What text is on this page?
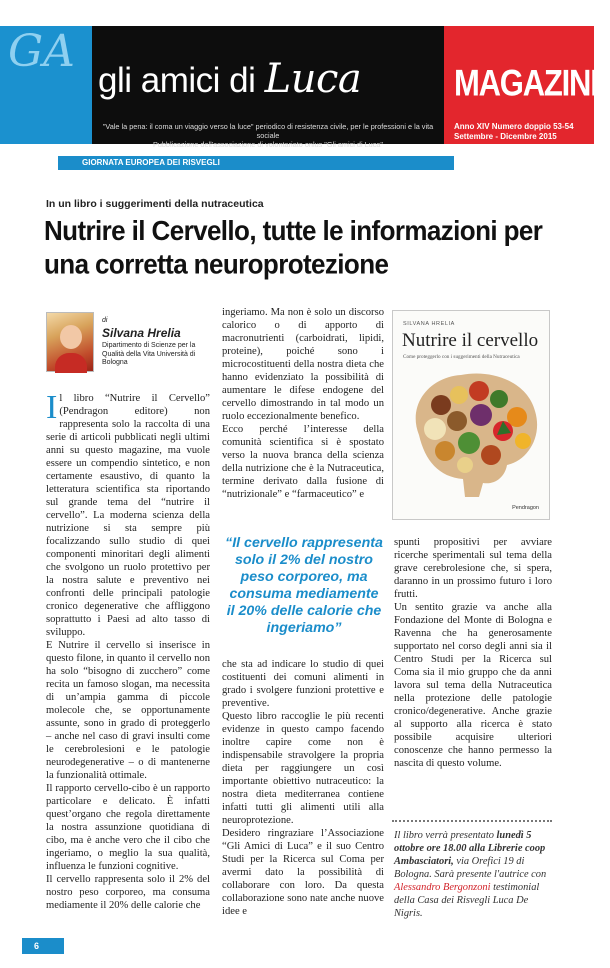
GA
gli amici di Luca
"Vale la pena: il coma un viaggio verso la luce" periodico di resistenza civile, per le professioni e la vita sociale
Pubblicazione dell'associazione di volontariato onlus "Gli amici di Luca"
MAGAZINE
Anno XIV Numero doppio 53-54
Settembre - Dicembre 2015
GIORNATA EUROPEA DEI RISVEGLI
In un libro i suggerimenti della nutraceutica
Nutrire il Cervello, tutte le informazioni per una corretta neuroprotezione
di
Silvana Hrelia
Dipartimento di Scienze per la Qualità della Vita Università di Bologna

Il libro “Nutrire il Cervello” (Pendragon editore) non rappresenta solo la raccolta di una serie di articoli pubblicati negli ultimi anni su questo magazine, ma vuole essere un compendio sintetico, e non certamente esaustivo, di quanto la letteratura scientifica sta riportando sul grande tema del “nutrire il cervello”. La moderna scienza della nutrizione si sta sempre più focalizzando sullo studio di quei componenti minoritari degli alimenti che svolgono un ruolo protettivo per la nostra salute e preventivo nei confronti delle principali patologie cronico degenerative che affliggono soprattutto i Paesi ad alto tasso di sviluppo.

E Nutrire il cervello si inserisce in questo filone, in quanto il cervello non ha solo “bisogno di zucchero” come recita un famoso slogan, ma necessita di un’ampia gamma di piccole molecole che, se opportunamente assunte, sono in grado di proteggerlo – anche nel caso di gravi insulti come le cerebrolesioni e le patologie neurodegenerative – o di mantenerne la funzionalità ottimale.

Il rapporto cervello-cibo è un rapporto particolare e delicato. È infatti quest’organo che regola direttamente la nostra assunzione quotidiana di cibo, ma è anche vero che il cibo che ingeriamo, o meglio la sua qualità, influenza le funzioni cognitive.

Il cervello rappresenta solo il 2% del nostro peso corporeo, ma consuma mediamente il 20% delle calorie che

ingeriamo. Ma non è solo un discorso calorico o di apporto di macronutrienti (carboidrati, lipidi, proteine), poiché sono i microcostituenti della nostra dieta che hanno evidenziato la possibilità di aumentare le difese endogene del cervello dimostrando in tal modo un ruolo eccezionalmente benefico.

Ecco perché l’interesse della comunità scientifica si è spostato verso la nuova branca della scienza della nutrizione che è la Nutraceutica, termine derivato dalla fusione di “nutrizionale” e “farmaceutico” e

“Il cervello rappresenta solo il 2% del nostro peso corporeo, ma consuma mediamente il 20% delle calorie che ingeriamo”

che sta ad indicare lo studio di quei costituenti dei comuni alimenti in grado i svolgere funzioni protettive e preventive.

Questo libro raccoglie le più recenti evidenze in questo campo facendo inoltre capire come non è indispensabile stravolgere la propria dieta per raggiungere un così importante obiettivo nutraceutico: la nostra dieta mediterranea contiene infatti tutti gli alimenti utili alla neuroprotezione.

Desidero ringraziare l’Associazione “Gli Amici di Luca” e il suo Centro Studi per la Ricerca sul Coma per avermi dato la possibilità di collaborare con loro. Da questa collaborazione sono nate anche nuove idee e

SILVANA HRELIA
Nutrire il cervello
Come proteggerlo con i suggerimenti della Nutraceutica
Pendragon

spunti propositivi per avviare ricerche sperimentali sul tema della grave cerebrolesione che, si spera, daranno in un prossimo futuro i loro frutti.

Un sentito grazie va anche alla Fondazione del Monte di Bologna e Ravenna che ha generosamente supportato nel corso degli anni sia il Centro Studi per la Ricerca sul Coma sia il mio gruppo che da anni lavora sul tema della Nutraceutica nella protezione delle patologie cronico/degenerative. Anche grazie al supporto alla ricerca è stato possibile acquisire ulteriori conoscenze che hanno permesso la nascita di questo volume.

Il libro verrà presentato lunedì 5 ottobre ore 18.00 alla Librerie coop Ambasciatori, via Orefici 19 di Bologna. Sarà presente l'autrice con Alessandro Bergonzoni testimonial della Casa dei Risvegli Luca De Nigris.
6
